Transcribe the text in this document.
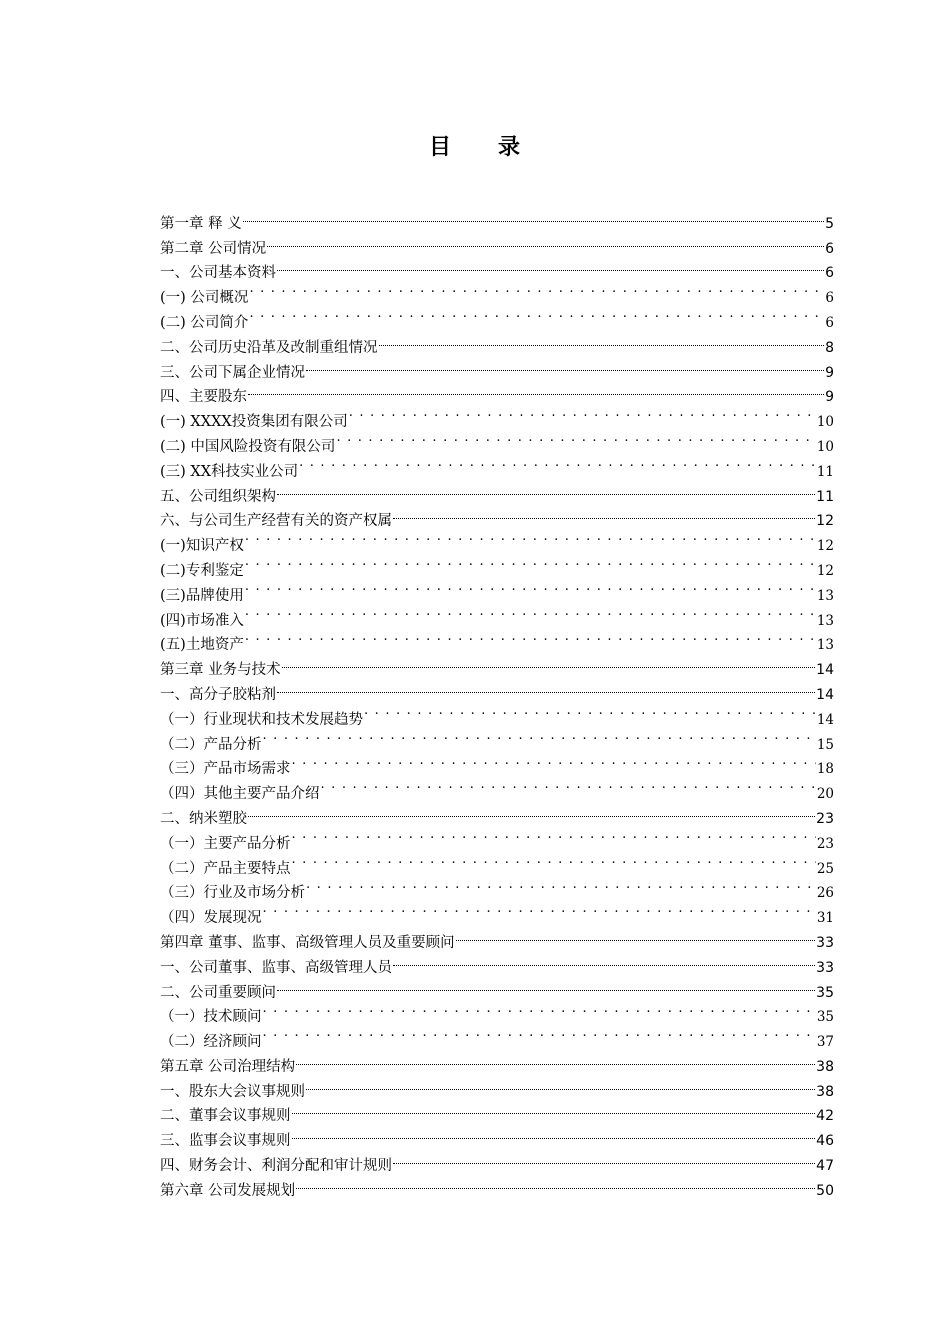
目 录
第一章 释 义	5
第二章 公司情况	6
一、公司基本资料	6
(一) 公司概况 . . .	6
(二) 公司简介 . . .	6
二、公司历史沿革及改制重组情况	8
三、公司下属企业情况	9
四、主要股东	9
(一) XXXX投资集团有限公司 . . .	10
(二) 中国风险投资有限公司 . . .	10
(三) XX科技实业公司 . . .	11
五、公司组织架构	11
六、与公司生产经营有关的资产权属	12
(一)知识产权 . . .	12
(二)专利鉴定 . . .	12
(三)品牌使用 . . .	13
(四)市场准入 . . .	13
(五)土地资产 . . .	13
第三章 业务与技术	14
一、高分子胶粘剂	14
（一）行业现状和技术发展趋势 . . .	14
（二）产品分析 . . .	15
（三）产品市场需求 . . .	18
（四）其他主要产品介绍 . . .	20
二、纳米塑胶	23
（一）主要产品分析 . . .	23
（二）产品主要特点 . . .	25
（三）行业及市场分析 . . .	26
（四）发展现况 . . .	31
第四章 董事、监事、高级管理人员及重要顾问	33
一、公司董事、监事、高级管理人员	33
二、公司重要顾问	35
（一）技术顾问 . . .	35
（二）经济顾问 . . .	37
第五章 公司治理结构	38
一、股东大会议事规则	38
二、董事会议事规则	42
三、监事会议事规则	46
四、财务会计、利润分配和审计规则	47
第六章 公司发展规划	50
